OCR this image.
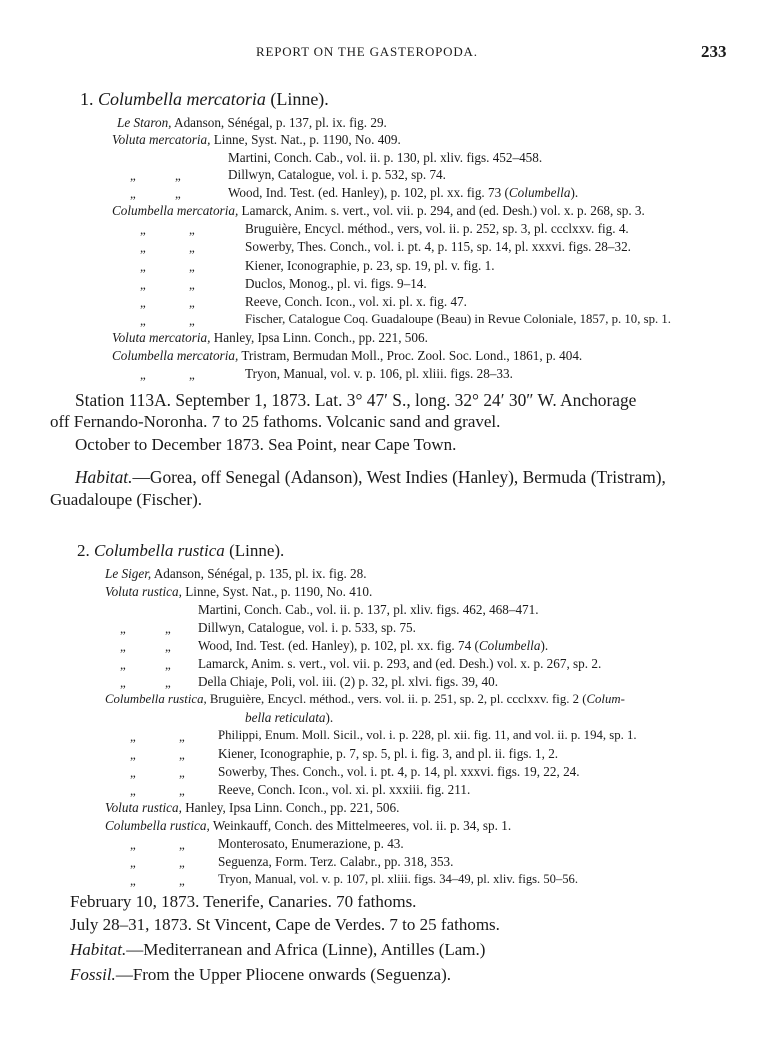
REPORT ON THE GASTEROPODA.	233
1. Columbella mercatoria (Linne).
Le Staron, Adanson, Sénégal, p. 137, pl. ix. fig. 29.
Voluta mercatoria, Linne, Syst. Nat., p. 1190, No. 409.
Martini, Conch. Cab., vol. ii. p. 130, pl. xliv. figs. 452–458.
„ „	Dillwyn, Catalogue, vol. i. p. 532, sp. 74.
„ „	Wood, Ind. Test. (ed. Hanley), p. 102, pl. xx. fig. 73 (Columbella).
Columbella mercatoria, Lamarck, Anim. s. vert., vol. vii. p. 294, and (ed. Desh.) vol. x. p. 268, sp. 3.
„ „	Bruguière, Encycl. méthod., vers, vol. ii. p. 252, sp. 3, pl. ccclxxv. fig. 4.
„ „	Sowerby, Thes. Conch., vol. i. pt. 4, p. 115, sp. 14, pl. xxxvi. figs. 28–32.
„ „	Kiener, Iconographie, p. 23, sp. 19, pl. v. fig. 1.
„ „	Duclos, Monog., pl. vi. figs. 9–14.
„ „	Reeve, Conch. Icon., vol. xi. pl. x. fig. 47.
„ „	Fischer, Catalogue Coq. Guadaloupe (Beau) in Revue Coloniale, 1857, p. 10, sp. 1.
Voluta mercatoria, Hanley, Ipsa Linn. Conch., pp. 221, 506.
Columbella mercatoria, Tristram, Bermudan Moll., Proc. Zool. Soc. Lond., 1861, p. 404.
„ „	Tryon, Manual, vol. v. p. 106, pl. xliii. figs. 28–33.
Station 113A. September 1, 1873. Lat. 3° 47′ S., long. 32° 24′ 30″ W. Anchorage
off Fernando-Noronha. 7 to 25 fathoms. Volcanic sand and gravel.
October to December 1873. Sea Point, near Cape Town.
Habitat.—Gorea, off Senegal (Adanson), West Indies (Hanley), Bermuda (Tristram),
Guadaloupe (Fischer).
2. Columbella rustica (Linne).
Le Siger, Adanson, Sénégal, p. 135, pl. ix. fig. 28.
Voluta rustica, Linne, Syst. Nat., p. 1190, No. 410.
Martini, Conch. Cab., vol. ii. p. 137, pl. xliv. figs. 462, 468–471.
„ „ Dillwyn, Catalogue, vol. i. p. 533, sp. 75.
„ „ Wood, Ind. Test. (ed. Hanley), p. 102, pl. xx. fig. 74 (Columbella).
„ „ Lamarck, Anim. s. vert., vol. vii. p. 293, and (ed. Desh.) vol. x. p. 267, sp. 2.
„ „ Della Chiaje, Poli, vol. iii. (2) p. 32, pl. xlvi. figs. 39, 40.
Columbella rustica, Bruguière, Encycl. méthod., vers. vol. ii. p. 251, sp. 2, pl. ccclxxv. fig. 2 (Colum-
bella reticulata).
„ „	Philippi, Enum. Moll. Sicil., vol. i. p. 228, pl. xii. fig. 11, and vol. ii. p. 194, sp. 1.
„ „	Kiener, Iconographie, p. 7, sp. 5, pl. i. fig. 3, and pl. ii. figs. 1, 2.
„ „	Sowerby, Thes. Conch., vol. i. pt. 4, p. 14, pl. xxxvi. figs. 19, 22, 24.
„ „	Reeve, Conch. Icon., vol. xi. pl. xxxiii. fig. 211.
Voluta rustica, Hanley, Ipsa Linn. Conch., pp. 221, 506.
Columbella rustica, Weinkauff, Conch. des Mittelmeeres, vol. ii. p. 34, sp. 1.
„ „	Monterosato, Enumerazione, p. 43.
„ „	Seguenza, Form. Terz. Calabr., pp. 318, 353.
„ „	Tryon, Manual, vol. v. p. 107, pl. xliii. figs. 34–49, pl. xliv. figs. 50–56.
February 10, 1873. Tenerife, Canaries. 70 fathoms.
July 28–31, 1873. St Vincent, Cape de Verdes. 7 to 25 fathoms.
Habitat.—Mediterranean and Africa (Linne), Antilles (Lam.)
Fossil.—From the Upper Pliocene onwards (Seguenza).
